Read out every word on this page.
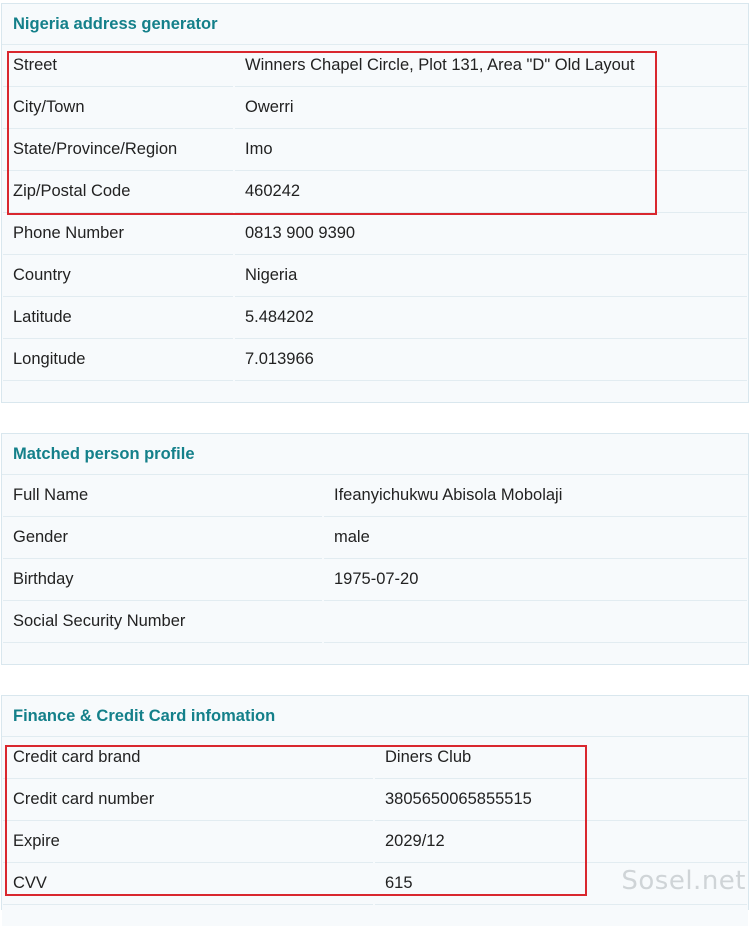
Nigeria address generator
Street	Winners Chapel Circle, Plot 131, Area "D" Old Layout
City/Town	Owerri
State/Province/Region	Imo
Zip/Postal Code	460242
Phone Number	0813 900 9390
Country	Nigeria
Latitude	5.484202
Longitude	7.013966
Matched person profile
Full Name	Ifeanyichukwu Abisola Mobolaji
Gender	male
Birthday	1975-07-20
Social Security Number
Finance & Credit Card infomation
Credit card brand	Diners Club
Credit card number	3805650065855515
Expire	2029/12
CVV	615	Sosel.net
